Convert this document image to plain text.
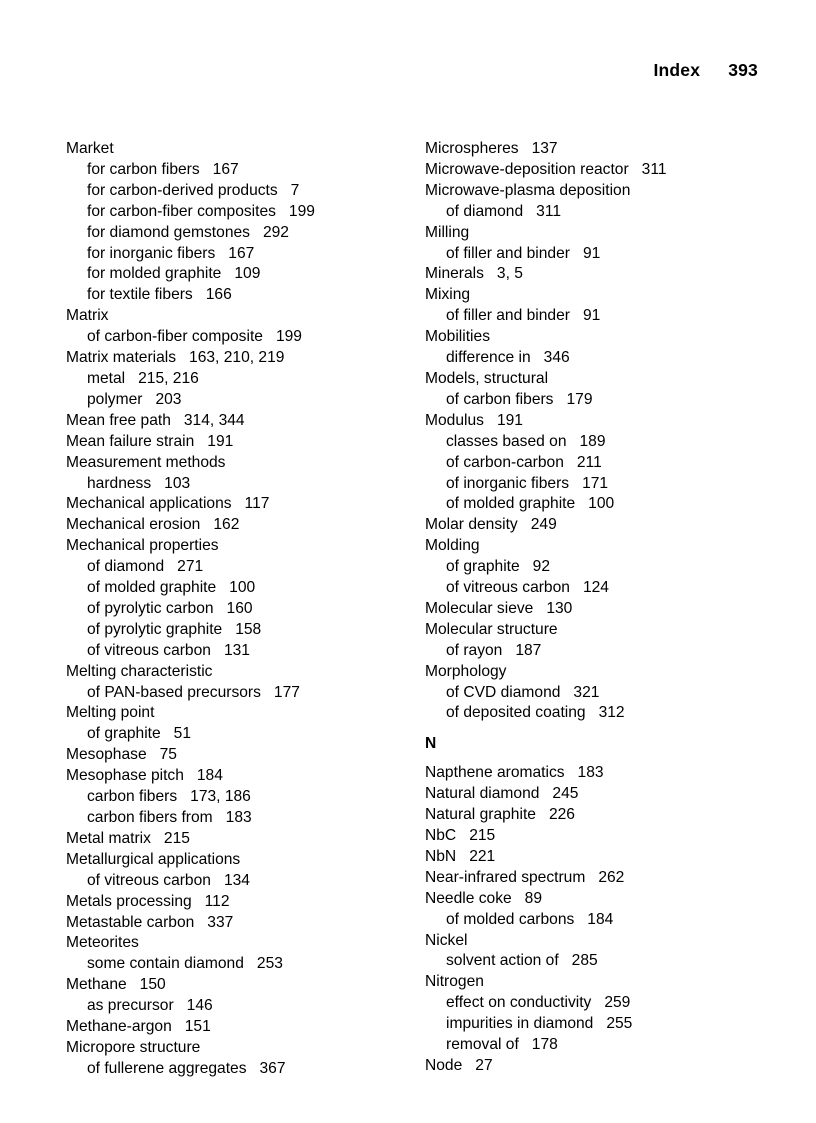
Index 393
Market
for carbon fibers   167
for carbon-derived products   7
for carbon-fiber composites   199
for diamond gemstones   292
for inorganic fibers   167
for molded graphite   109
for textile fibers   166
Matrix
of carbon-fiber composite   199
Matrix materials   163, 210, 219
metal   215, 216
polymer   203
Mean free path   314, 344
Mean failure strain   191
Measurement methods
hardness   103
Mechanical applications   117
Mechanical erosion   162
Mechanical properties
of diamond   271
of molded graphite   100
of pyrolytic carbon   160
of pyrolytic graphite   158
of vitreous carbon   131
Melting characteristic
of PAN-based precursors   177
Melting point
of graphite   51
Mesophase   75
Mesophase pitch   184
carbon fibers   173, 186
carbon fibers from   183
Metal matrix   215
Metallurgical applications
of vitreous carbon   134
Metals processing   112
Metastable carbon   337
Meteorites
some contain diamond   253
Methane   150
as precursor   146
Methane-argon   151
Micropore structure
of fullerene aggregates   367
Microspheres   137
Microwave-deposition reactor   311
Microwave-plasma deposition
of diamond   311
Milling
of filler and binder   91
Minerals   3, 5
Mixing
of filler and binder   91
Mobilities
difference in   346
Models, structural
of carbon fibers   179
Modulus   191
classes based on   189
of carbon-carbon   211
of inorganic fibers   171
of molded graphite   100
Molar density   249
Molding
of graphite   92
of vitreous carbon   124
Molecular sieve   130
Molecular structure
of rayon   187
Morphology
of CVD diamond   321
of deposited coating   312
N
Napthene aromatics   183
Natural diamond   245
Natural graphite   226
NbC   215
NbN   221
Near-infrared spectrum   262
Needle coke   89
of molded carbons   184
Nickel
solvent action of   285
Nitrogen
effect on conductivity   259
impurities in diamond   255
removal of   178
Node   27
